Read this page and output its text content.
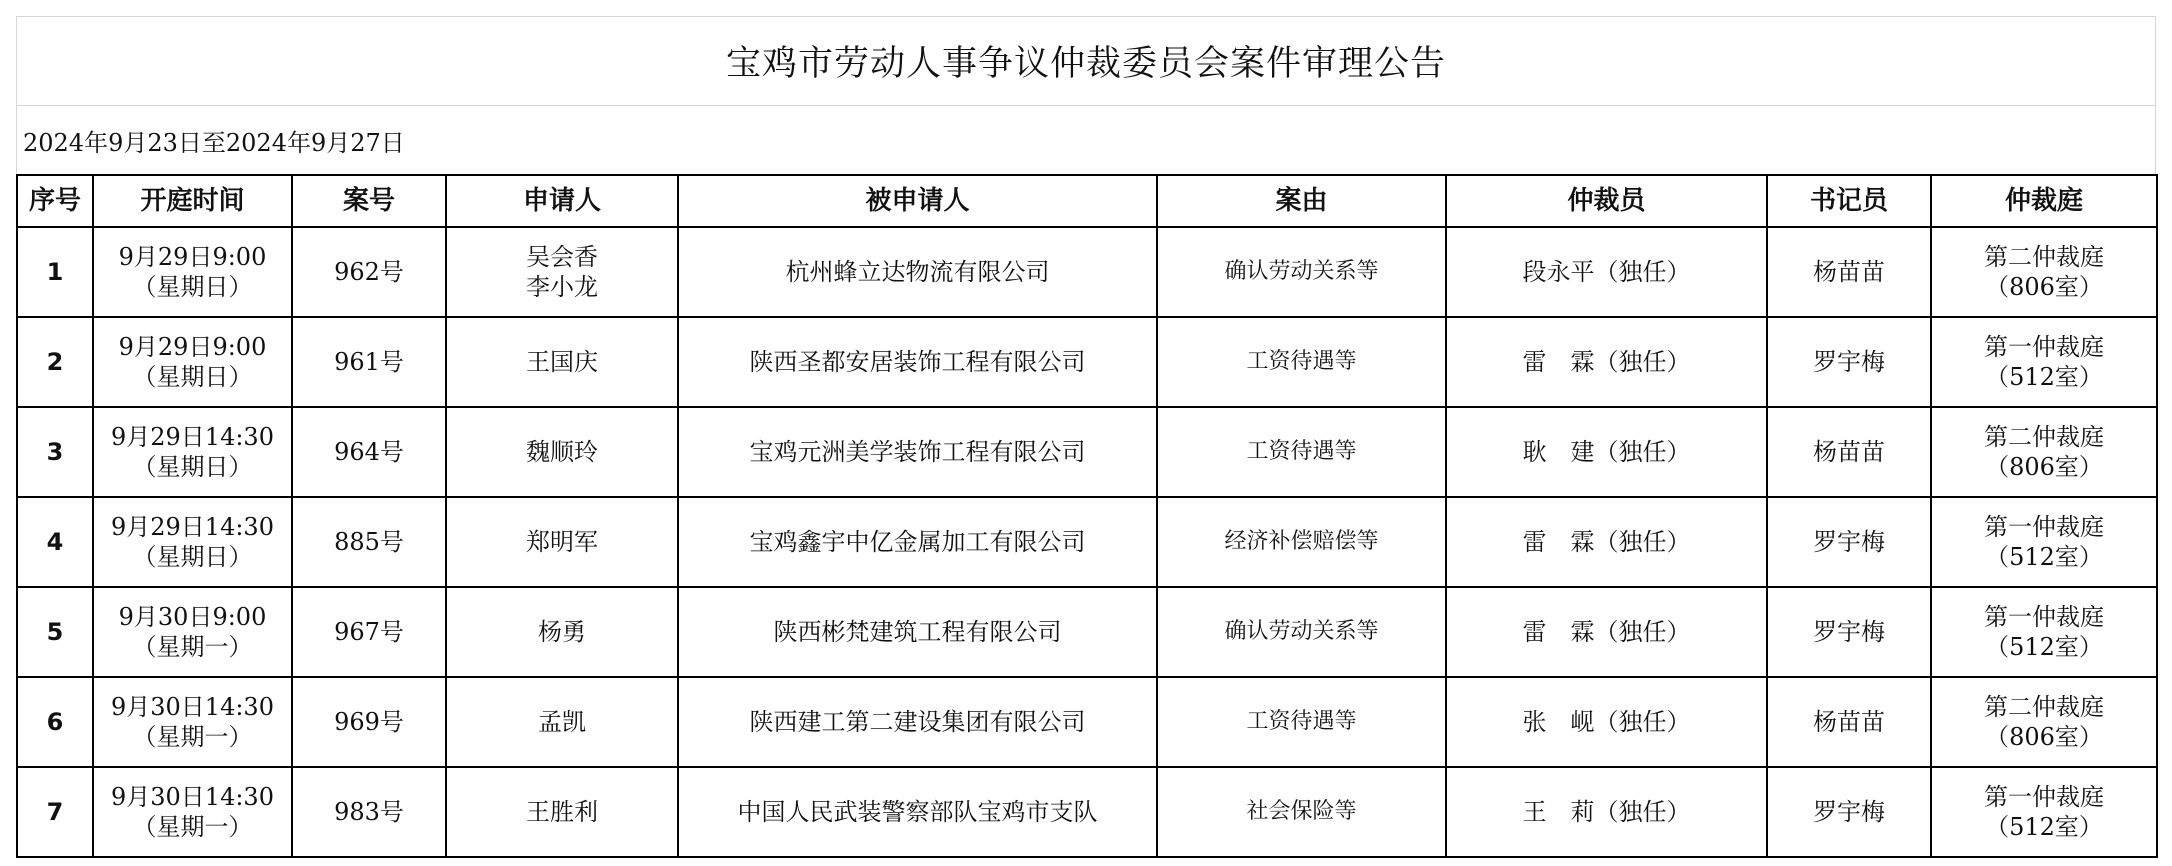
宝鸡市劳动人事争议仲裁委员会案件审理公告
2024年9月23日至2024年9月27日
序号	开庭时间	案号	申请人	被申请人	案由	仲裁员	书记员	仲裁庭
1	9月29日9:00
（星期日）	962号	吴会香
李小龙	杭州蜂立达物流有限公司	确认劳动关系等	段永平（独任）	杨苗苗	第二仲裁庭
（806室）

2	9月29日9:00
（星期日）	961号	王国庆	陕西圣都安居装饰工程有限公司	工资待遇等	雷　霖（独任）	罗宇梅	第一仲裁庭
（512室）

3	9月29日14:30
（星期日）	964号	魏顺玲	宝鸡元洲美学装饰工程有限公司	工资待遇等	耿　建（独任）	杨苗苗	第二仲裁庭
（806室）

4	9月29日14:30
（星期日）	885号	郑明军	宝鸡鑫宇中亿金属加工有限公司	经济补偿赔偿等	雷　霖（独任）	罗宇梅	第一仲裁庭
（512室）

5	9月30日9:00
（星期一）	967号	杨勇	陕西彬梵建筑工程有限公司	确认劳动关系等	雷　霖（独任）	罗宇梅	第一仲裁庭
（512室）

6	9月30日14:30
（星期一）	969号	孟凯	陕西建工第二建设集团有限公司	工资待遇等	张　岘（独任）	杨苗苗	第二仲裁庭
（806室）

7	9月30日14:30
（星期一）	983号	王胜利	中国人民武装警察部队宝鸡市支队	社会保险等	王　莉（独任）	罗宇梅	第一仲裁庭
（512室）
